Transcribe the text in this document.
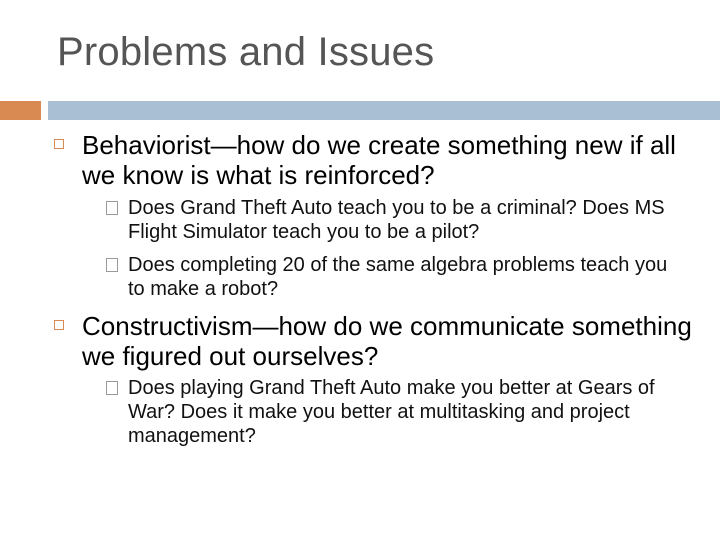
Problems and Issues
Behaviorist—how do we create something new if all we know is what is reinforced?
Does Grand Theft Auto teach you to be a criminal? Does MS Flight Simulator teach you to be a pilot?
Does completing 20 of the same algebra problems teach you to make a robot?
Constructivism—how do we communicate something we figured out ourselves?
Does playing Grand Theft Auto make you better at Gears of War? Does it make you better at multitasking and project management?
